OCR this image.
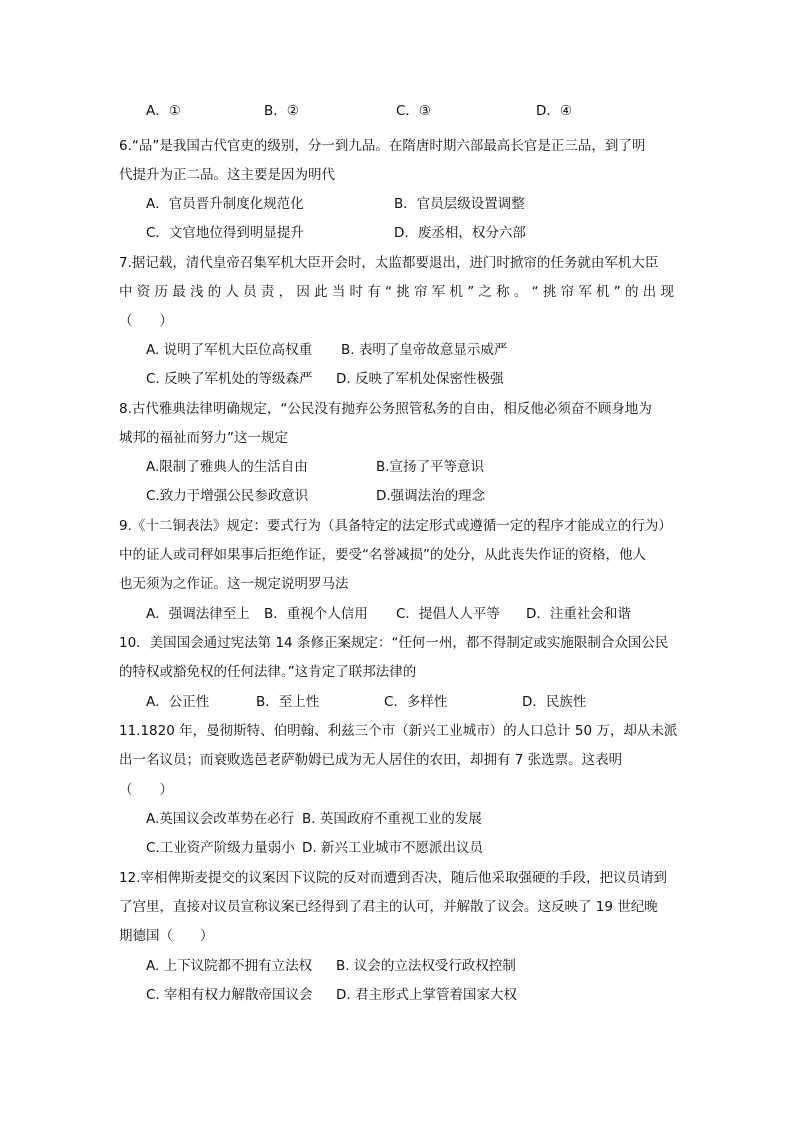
A．①	B．②	C．③	D．④
6.“品”是我国古代官吏的级别，分一到九品。在隋唐时期六部最高长官是正三品，到了明
代提升为正二品。这主要是因为明代
A．官员晋升制度化规范化	B．官员层级设置调整
C．文官地位得到明显提升	D．废丞相，权分六部
7.据记载，清代皇帝召集军机大臣开会时，太监都要退出，进门时掀帘的任务就由军机大臣
中资历最浅的人员责，因此当时有“挑帘军机”之称。“挑帘军机”的出现
（　　）
A. 说明了军机大臣位高权重 B. 表明了皇帝故意显示威严
C. 反映了军机处的等级森严 D. 反映了军机处保密性极强
8.古代雅典法律明确规定，“公民没有抛弃公务照管私务的自由，相反他必须奋不顾身地为
城邦的福祉而努力”这一规定
A.限制了雅典人的生活自由	B.宣扬了平等意识
C.致力于增强公民参政意识	D.强调法治的理念
9.《十二铜表法》规定：要式行为（具备特定的法定形式或遵循一定的程序才能成立的行为）
中的证人或司秤如果事后拒绝作证，要受“名誉减损”的处分，从此丧失作证的资格，他人
也无须为之作证。这一规定说明罗马法
A．强调法律至上 B．重视个人信用 C．提倡人人平等 D．注重社会和谐
10．美国国会通过宪法第 14 条修正案规定：“任何一州，都不得制定或实施限制合众国公民
的特权或豁免权的任何法律。”这肯定了联邦法律的
A．公正性	B．至上性	C．多样性	D．民族性
11.1820 年，曼彻斯特、伯明翰、利兹三个市（新兴工业城市）的人口总计 50 万，却从未派
出一名议员；而衰败选邑老萨勒姆已成为无人居住的农田，却拥有 7 张选票。这表明
（　　）
A.英国议会改革势在必行 B. 英国政府不重视工业的发展
C.工业资产阶级力量弱小 D. 新兴工业城市不愿派出议员
12.宰相俾斯麦提交的议案因下议院的反对而遭到否决，随后他采取强硬的手段，把议员请到
了宫里，直接对议员宣称议案已经得到了君主的认可，并解散了议会。这反映了 19 世纪晚
期德国（　　）
A. 上下议院都不拥有立法权 B. 议会的立法权受行政权控制
C. 宰相有权力解散帝国议会 D. 君主形式上掌管着国家大权
